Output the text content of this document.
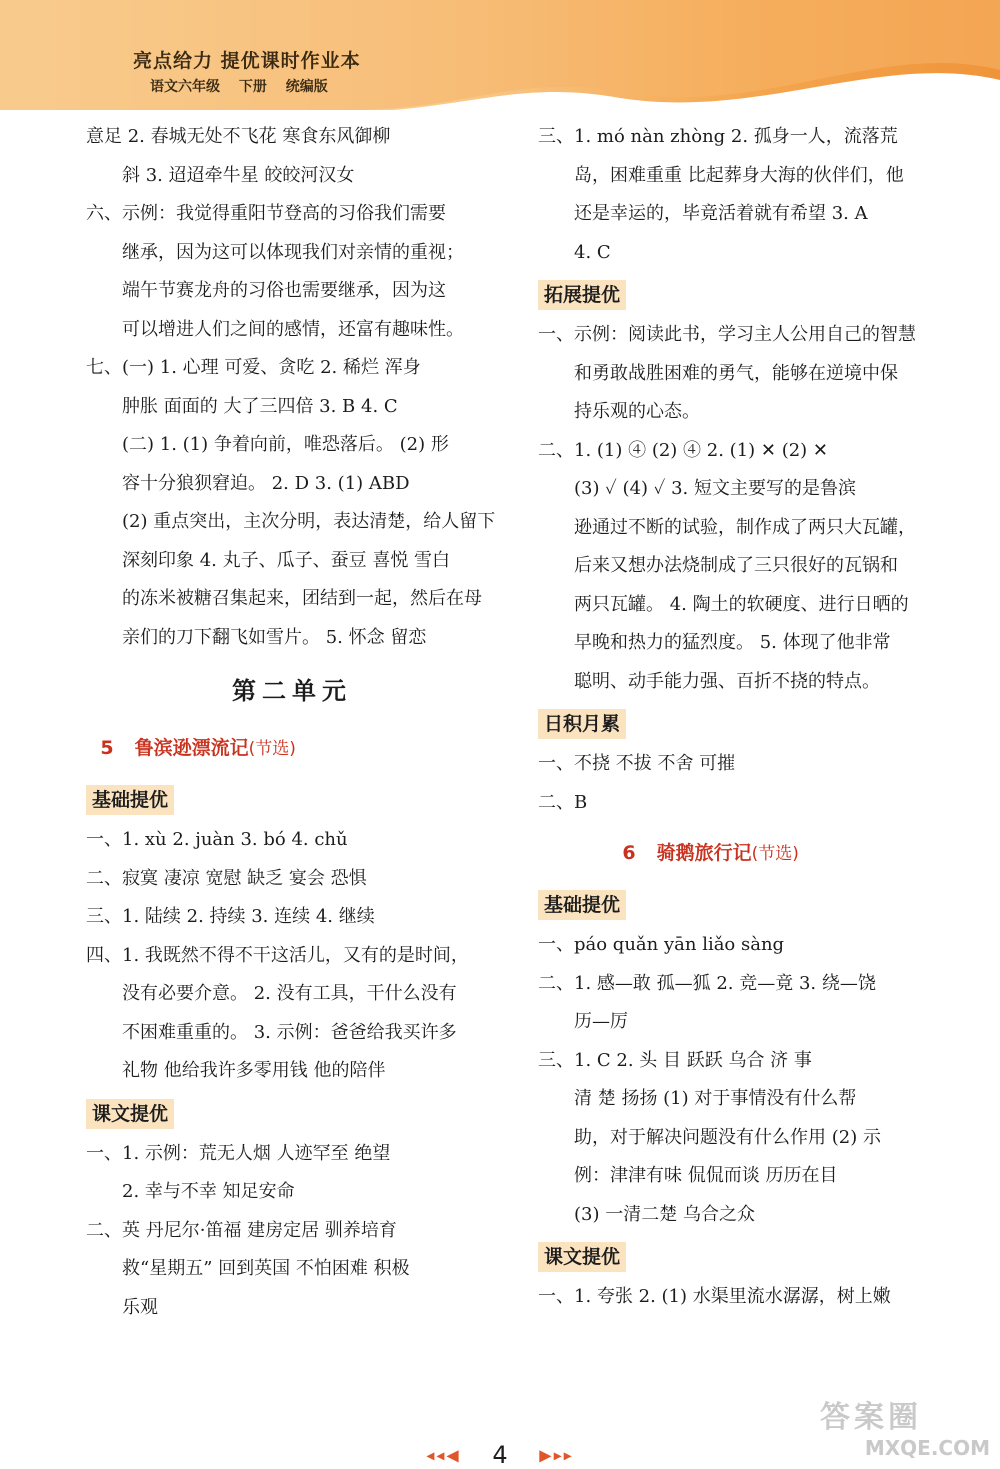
亮点给力 提优课时作业本
语文六年级 下册 统编版
意足 2. 春城无处不飞花 寒食东风御柳
斜 3. 迢迢牵牛星 皎皎河汉女
六、示例：我觉得重阳节登高的习俗我们需要
继承，因为这可以体现我们对亲情的重视；
端午节赛龙舟的习俗也需要继承，因为这
可以增进人们之间的感情，还富有趣味性。
七、(一) 1. 心理 可爱、贪吃 2. 稀烂 浑身
肿胀 面面的 大了三四倍 3. B 4. C
(二) 1. (1) 争着向前，唯恐落后。 (2) 形
容十分狼狈窘迫。 2. D 3. (1) ABD
(2) 重点突出，主次分明，表达清楚，给人留下
深刻印象 4. 丸子、瓜子、蚕豆 喜悦 雪白
的冻米被糖召集起来，团结到一起，然后在母
亲们的刀下翻飞如雪片。 5. 怀念 留恋
第二单元
5 鲁滨逊漂流记(节选)
基础提优
一、1. xù 2. juàn 3. bó 4. chǔ
二、寂寞 凄凉 宽慰 缺乏 宴会 恐惧
三、1. 陆续 2. 持续 3. 连续 4. 继续
四、1. 我既然不得不干这活儿，又有的是时间，
没有必要介意。 2. 没有工具，干什么没有
不困难重重的。 3. 示例：爸爸给我买许多
礼物 他给我许多零用钱 他的陪伴
课文提优
一、1. 示例：荒无人烟 人迹罕至 绝望
2. 幸与不幸 知足安命
二、英 丹尼尔·笛福 建房定居 驯养培育
救“星期五” 回到英国 不怕困难 积极
乐观
三、1. mó nàn zhòng 2. 孤身一人，流落荒
岛，困难重重 比起葬身大海的伙伴们，他
还是幸运的，毕竟活着就有希望 3. A
4. C
拓展提优
一、示例：阅读此书，学习主人公用自己的智慧
和勇敢战胜困难的勇气，能够在逆境中保
持乐观的心态。
二、1. (1) ④ (2) ④ 2. (1) ✕ (2) ✕
(3) ✓ (4) ✓ 3. 短文主要写的是鲁滨
逊通过不断的试验，制作成了两只大瓦罐，
后来又想办法烧制成了三只很好的瓦锅和
两只瓦罐。 4. 陶土的软硬度、进行日晒的
早晚和热力的猛烈度。 5. 体现了他非常
聪明、动手能力强、百折不挠的特点。
日积月累
一、不挠 不拔 不舍 可摧
二、B
6 骑鹅旅行记(节选)
基础提优
一、páo quǎn yān liǎo sàng
二、1. 感—敢 孤—狐 2. 竞—竟 3. 绕—饶
历—厉
三、1. C 2. 头 目 跃跃 乌合 济 事
清 楚 扬扬 (1) 对于事情没有什么帮
助，对于解决问题没有什么作用 (2) 示
例：津津有味 侃侃而谈 历历在目
(3) 一清二楚 乌合之众
课文提优
一、1. 夸张 2. (1) 水渠里流水潺潺，树上嫩
◂◂◀ 4 ▶▸▸
答案圈
MXQE.COM
